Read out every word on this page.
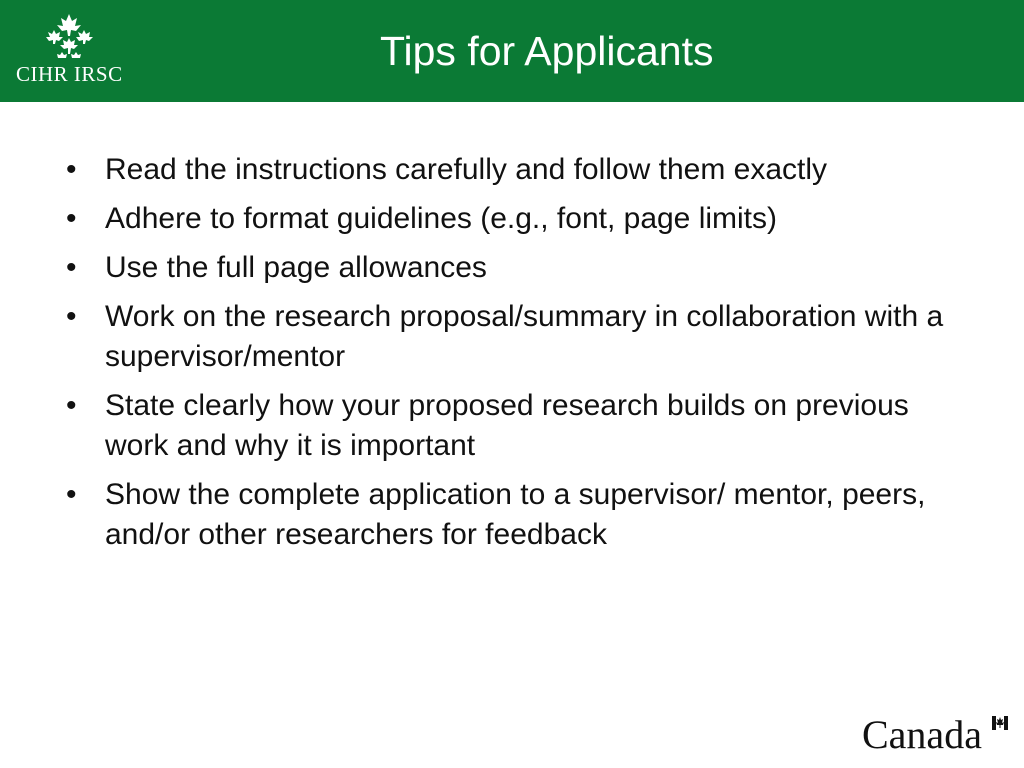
CIHR IRSC	Tips for Applicants
• Read the instructions carefully and follow them exactly
• Adhere to format guidelines (e.g., font, page limits)
• Use the full page allowances
• Work on the research proposal/summary in collaboration with a supervisor/mentor
• State clearly how your proposed research builds on previous work and why it is important
• Show the complete application to a supervisor/ mentor, peers, and/or other researchers for feedback
Canada
